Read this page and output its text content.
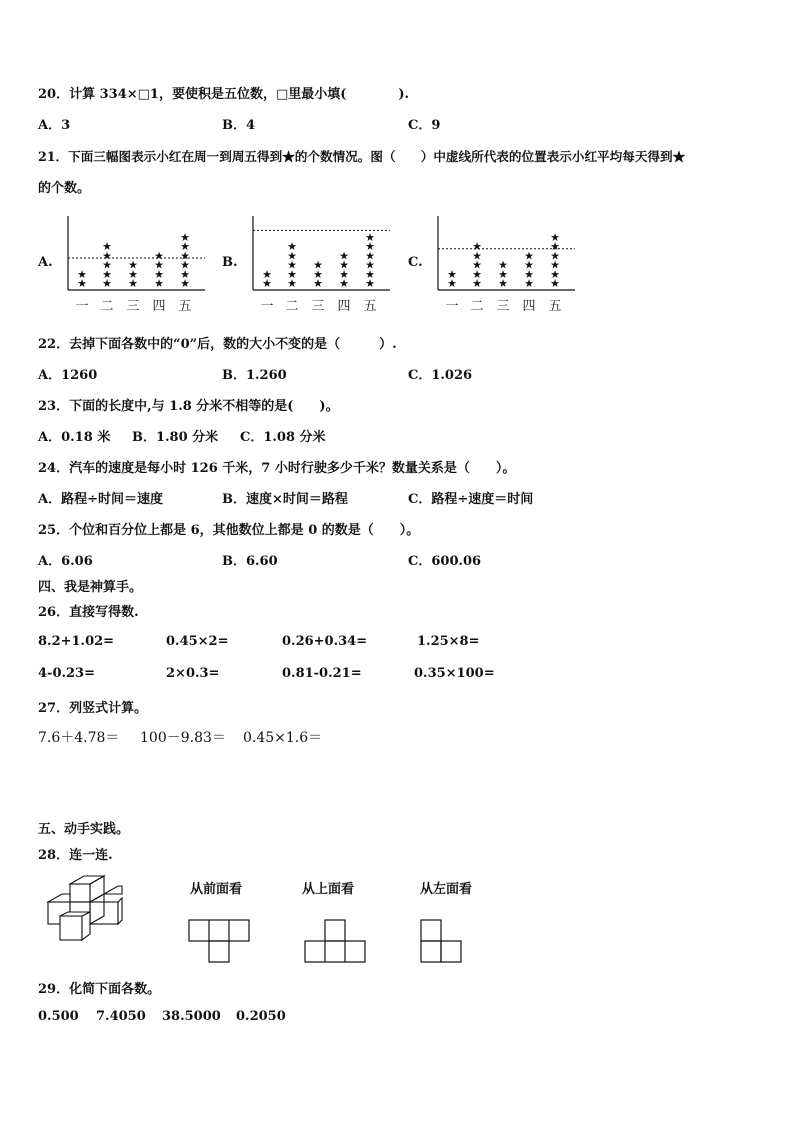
20．计算 334×□1，要使积是五位数，□里最小填(　　　　).
A．3	B．4	C．9
21．下面三幅图表示小红在周一到周五得到★的个数情况。图（　　）中虚线所代表的位置表示小红平均每天得到★
的个数。
A.	B.	C.
★
★
一
★
★
★
★
★
二
★
★
★
三
★
★
★
★
四
★
★
★
★
★
★
五
★
★
一
★
★
★
★
★
二
★
★
★
三
★
★
★
★
四
★
★
★
★
★
★
五
★
★
一
★
★
★
★
★
二
★
★
★
三
★
★
★
★
四
★
★
★
★
★
★
五
22．去掉下面各数中的“0”后，数的大小不变的是（　　　）.
A．1260	B．1.260	C．1.026
23．下面的长度中,与 1.8 分米不相等的是(　　)。
A．0.18 米 B．1.80 分米 C．1.08 分米
24．汽车的速度是每小时 126 千米，7 小时行驶多少千米？数量关系是（　　）。
A．路程÷时间＝速度	B．速度×时间＝路程	C．路程÷速度＝时间
25．个位和百分位上都是 6，其他数位上都是 0 的数是（　　）。
A．6.06	B．6.60	C．600.06
四、我是神算手。
26．直接写得数.
8.2+1.02=	0.45×2=	0.26+0.34=	1.25×8=
4-0.23=	2×0.3=	0.81-0.21=	0.35×100=
27．列竖式计算。
7.6＋4.78＝ 100－9.83＝ 0.45×1.6＝
五、动手实践。
28．连一连.
从前面看	从上面看	从左面看
29．化简下面各数。
0.500 7.4050 38.5000 0.2050
